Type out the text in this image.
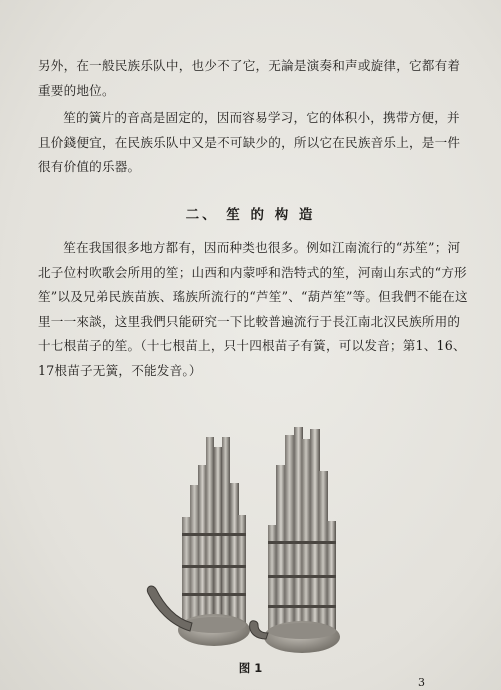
另外，在一般民族乐队中，也少不了它，无論是演奏和声或旋律，它都有着重要的地位。

笙的簧片的音高是固定的，因而容易学习，它的体积小，携带方便，并且价錢便宜，在民族乐队中又是不可缺少的，所以它在民族音乐上，是一件很有价值的乐器。

二、 笙 的 构 造

笙在我国很多地方都有，因而种类也很多。例如江南流行的“苏笙”；河北子位村吹歌会所用的笙；山西和内蒙呼和浩特式的笙，河南山东式的“方形笙”以及兄弟民族苗族、瑤族所流行的“芦笙”、“葫芦笙”等。但我們不能在这里一一來談，这里我們只能研究一下比較普遍流行于長江南北汉民族所用的十七根苗子的笙。（十七根苗上，只十四根苗子有簧，可以发音；第1、16、17根苗子无簧，不能发音。）

图 1

3
